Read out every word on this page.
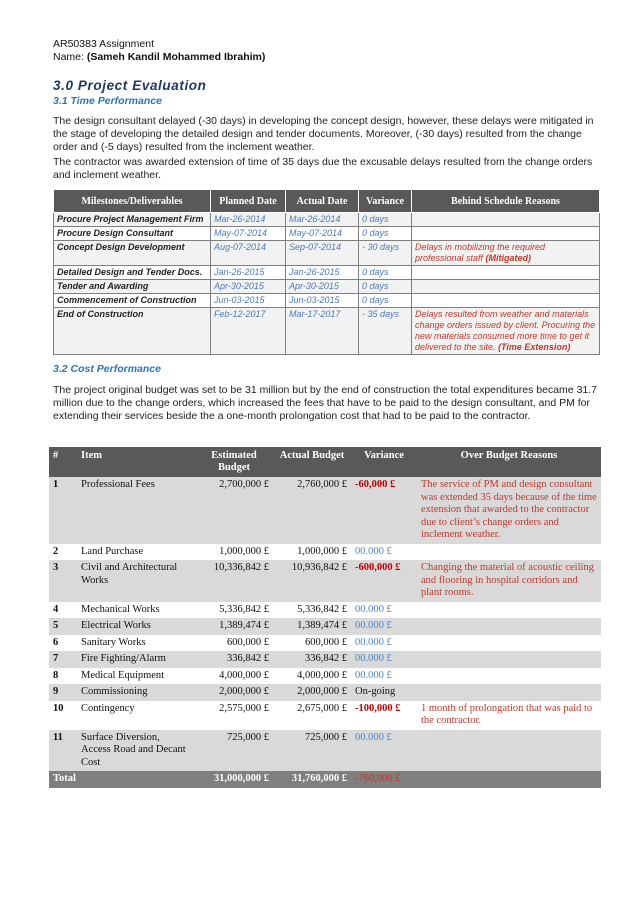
AR50383 Assignment
Name: (Sameh Kandil Mohammed Ibrahim)
3.0 Project Evaluation
3.1 Time Performance
The design consultant delayed (-30 days) in developing the concept design, however, these delays were mitigated in the stage of developing the detailed design and tender documents. Moreover, (-30 days) resulted from the change order and (-5 days) resulted from the inclement weather.
The contractor was awarded extension of time of 35 days due the excusable delays resulted from the change orders and inclement weather.
Milestones/Deliverables	Planned Date	Actual Date	Variance	Behind Schedule Reasons
Procure Project Management Firm	Mar-26-2014	Mar-26-2014	0 days	
Procure Design Consultant	May-07-2014	May-07-2014	0 days	
Concept Design Development	Aug-07-2014	Sep-07-2014	- 30 days	Delays in mobilizing the required professional staff (Mitigated)
Detailed Design and Tender Docs.	Jan-26-2015	Jan-26-2015	0 days	
Tender and Awarding	Apr-30-2015	Apr-30-2015	0 days	
Commencement of Construction	Jun-03-2015	Jun-03-2015	0 days	
End of Construction	Feb-12-2017	Mar-17-2017	- 35 days	Delays resulted from weather and materials change orders issued by client. Procuring the new materials consumed more time to get it delivered to the site. (Time Extension)
3.2 Cost Performance
The project original budget was set to be 31 million but by the end of construction the total expenditures became 31.7 million due to the change orders, which increased the fees that have to be paid to the design consultant, and PM for extending their services beside the a one-month prolongation cost that had to be paid to the contractor.
#	Item	Estimated Budget	Actual Budget	Variance	Over Budget Reasons
1	Professional Fees	2,700,000 £	2,760,000 £	-60,000 £	The service of PM and design consultant was extended 35 days because of the time extension that awarded to the contractor due to client’s change orders and inclement weather.
2	Land Purchase	1,000,000 £	1,000,000 £	00.000 £	
3	Civil and Architectural Works	10,336,842 £	10,936,842 £	-600,000 £	Changing the material of acoustic ceiling and flooring in hospital corridors and plant rooms.
4	Mechanical Works	5,336,842 £	5,336,842 £	00.000 £	
5	Electrical Works	1,389,474 £	1,389,474 £	00.000 £	
6	Sanitary Works	600,000 £	600,000 £	00.000 £	
7	Fire Fighting/Alarm	336,842 £	336,842 £	00.000 £	
8	Medical Equipment	4,000,000 £	4,000,000 £	00.000 £	
9	Commissioning	2,000,000 £	2,000,000 £	On-going	
10	Contingency	2,575,000 £	2,675,000 £	-100,000 £	1 month of prolongation that was paid to the contractor.
11	Surface Diversion, Access Road and Decant Cost	725,000 £	725,000 £	00.000 £	
Total		31,000,000 £	31,760,000 £	-760,000 £	
